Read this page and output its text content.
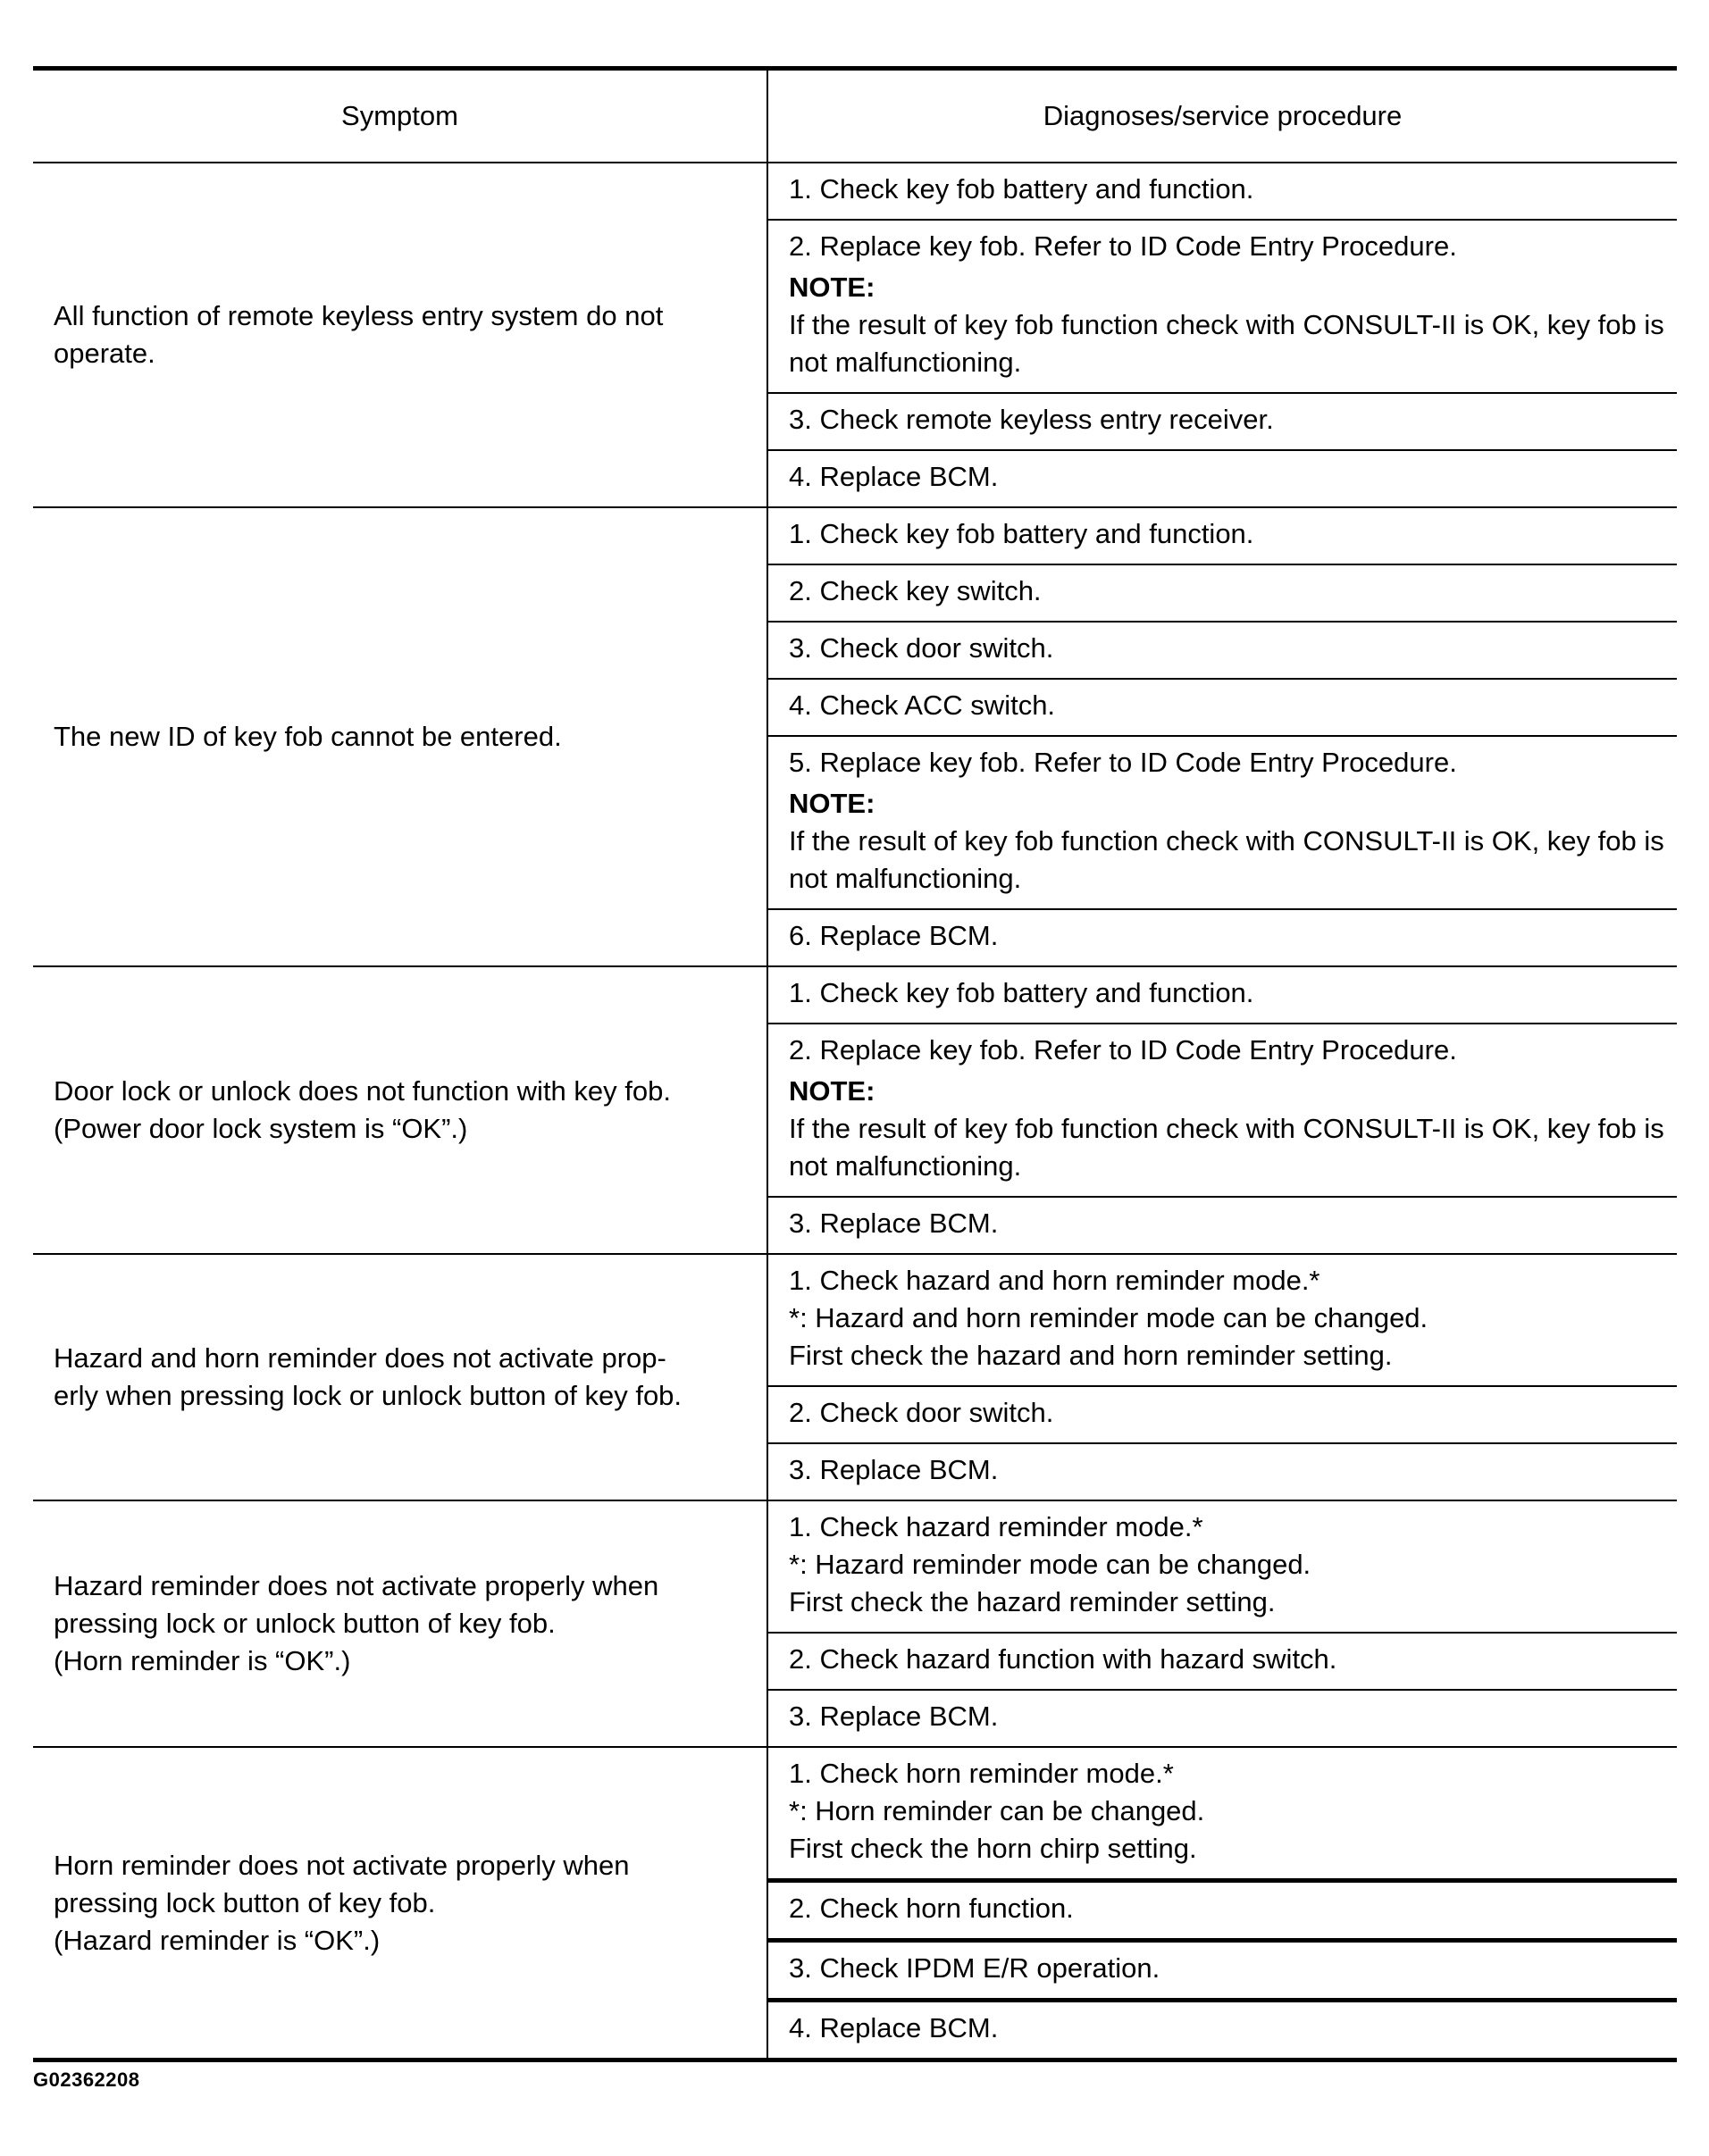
Symptom	Diagnoses/service procedure

All function of remote keyless entry system do not operate.	1. Check key fob battery and function.

	2. Replace key fob. Refer to ID Code Entry Procedure.
NOTE:
If the result of key fob function check with CONSULT-II is OK, key fob is not malfunctioning.

	3. Check remote keyless entry receiver.

	4. Replace BCM.

The new ID of key fob cannot be entered.	1. Check key fob battery and function.

	2. Check key switch.

	3. Check door switch.

	4. Check ACC switch.

	5. Replace key fob. Refer to ID Code Entry Procedure.
NOTE:
If the result of key fob function check with CONSULT-II is OK, key fob is not malfunctioning.

	6. Replace BCM.

Door lock or unlock does not function with key fob.
(Power door lock system is “OK”.)	1. Check key fob battery and function.

	2. Replace key fob. Refer to ID Code Entry Procedure.
NOTE:
If the result of key fob function check with CONSULT-II is OK, key fob is not malfunctioning.

	3. Replace BCM.

Hazard and horn reminder does not activate prop-
erly when pressing lock or unlock button of key fob.	1. Check hazard and horn reminder mode.*
*: Hazard and horn reminder mode can be changed.
First check the hazard and horn reminder setting.

	2. Check door switch.

	3. Replace BCM.

Hazard reminder does not activate properly when
pressing lock or unlock button of key fob.
(Horn reminder is “OK”.)	1. Check hazard reminder mode.*
*: Hazard reminder mode can be changed.
First check the hazard reminder setting.

	2. Check hazard function with hazard switch.

	3. Replace BCM.

Horn reminder does not activate properly when
pressing lock button of key fob.
(Hazard reminder is “OK”.)	1. Check horn reminder mode.*
*: Horn reminder can be changed.
First check the horn chirp setting.

	2. Check horn function.

	3. Check IPDM E/R operation.

	4. Replace BCM.
G02362208
